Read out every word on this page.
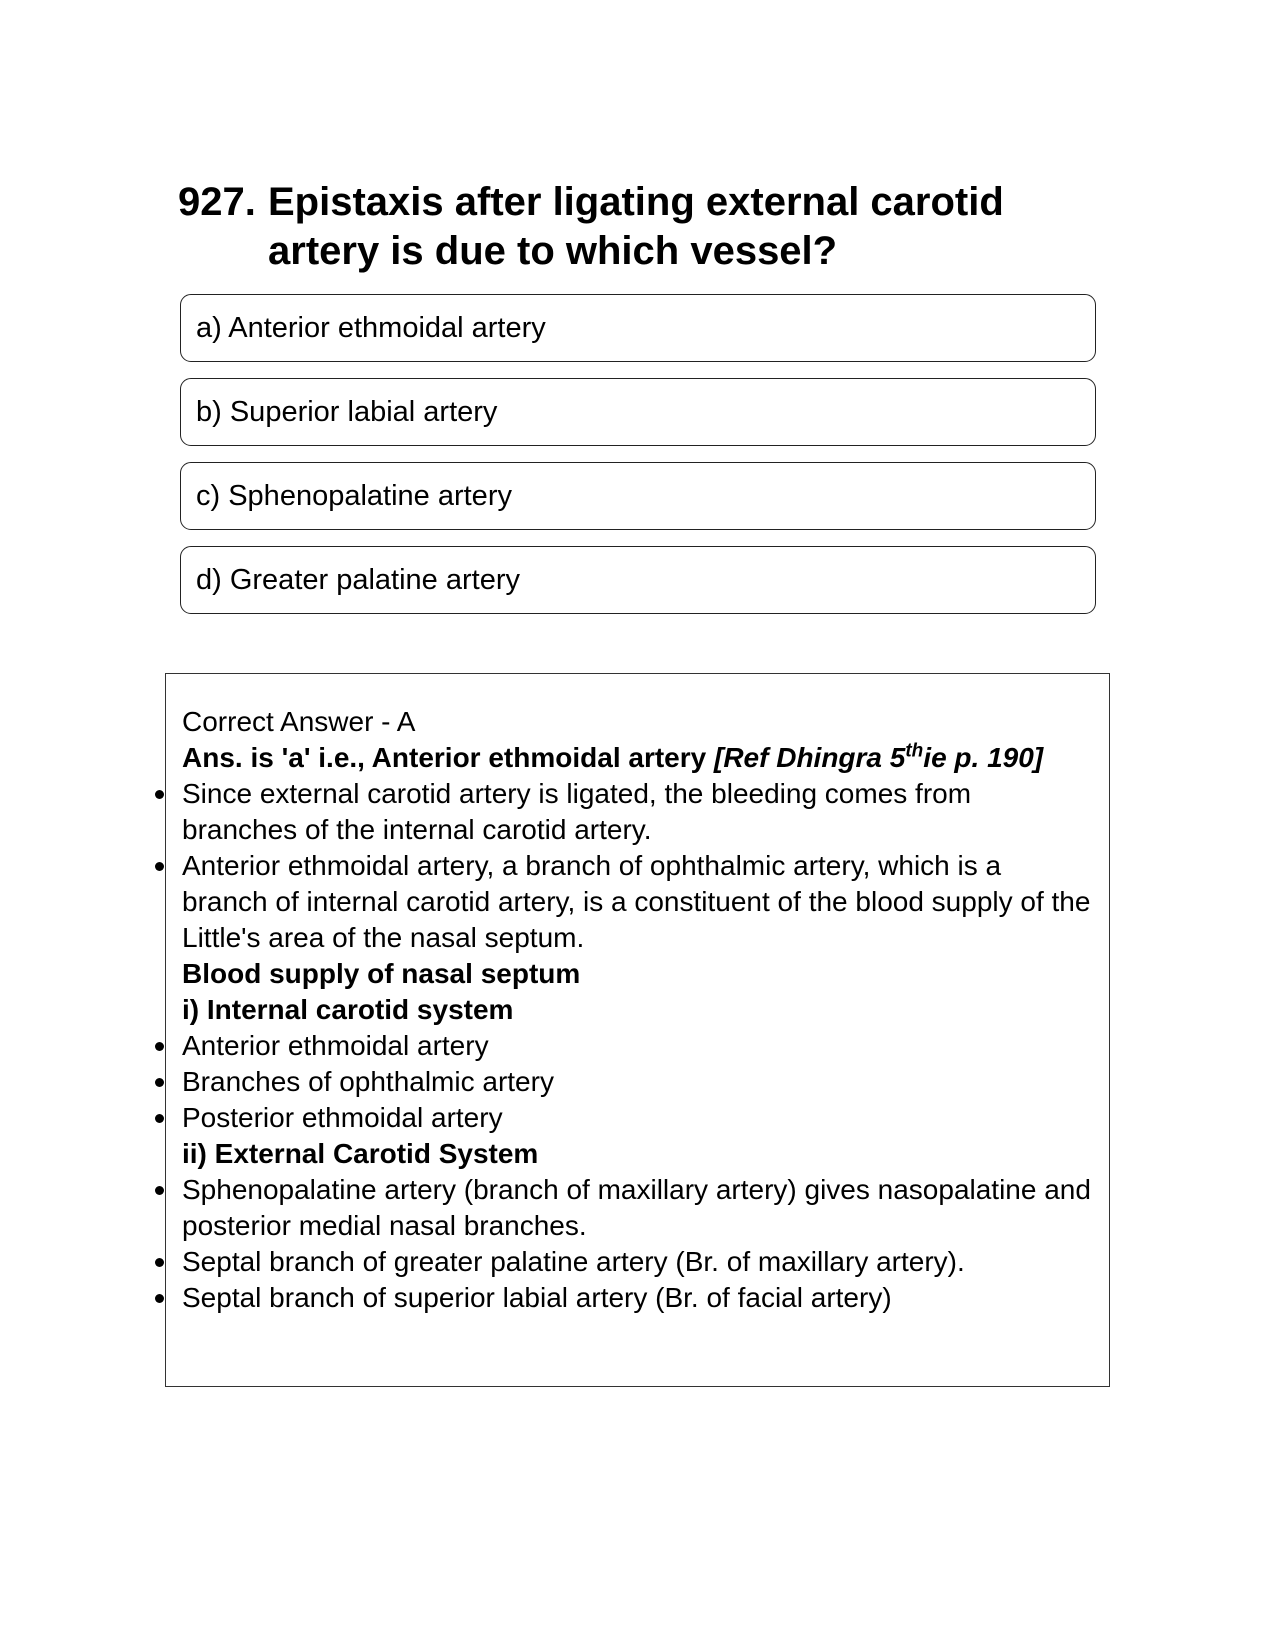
927. Epistaxis after ligating external carotid artery is due to which vessel?
a) Anterior ethmoidal artery
b) Superior labial artery
c) Sphenopalatine artery
d) Greater palatine artery

Correct Answer - A

Ans. is 'a' i.e., Anterior ethmoidal artery [Ref Dhingra 5thie p. 190]

Since external carotid artery is ligated, the bleeding comes from branches of the internal carotid artery.
Anterior ethmoidal artery, a branch of ophthalmic artery, which is a branch of internal carotid artery, is a constituent of the blood supply of the Little's area of the nasal septum.

Blood supply of nasal septum

i) Internal carotid system

Anterior ethmoidal artery
Branches of ophthalmic artery
Posterior ethmoidal artery

ii) External Carotid System

Sphenopalatine artery (branch of maxillary artery) gives nasopalatine and posterior medial nasal branches.
Septal branch of greater palatine artery (Br. of maxillary artery).
Septal branch of superior labial artery (Br. of facial artery)
